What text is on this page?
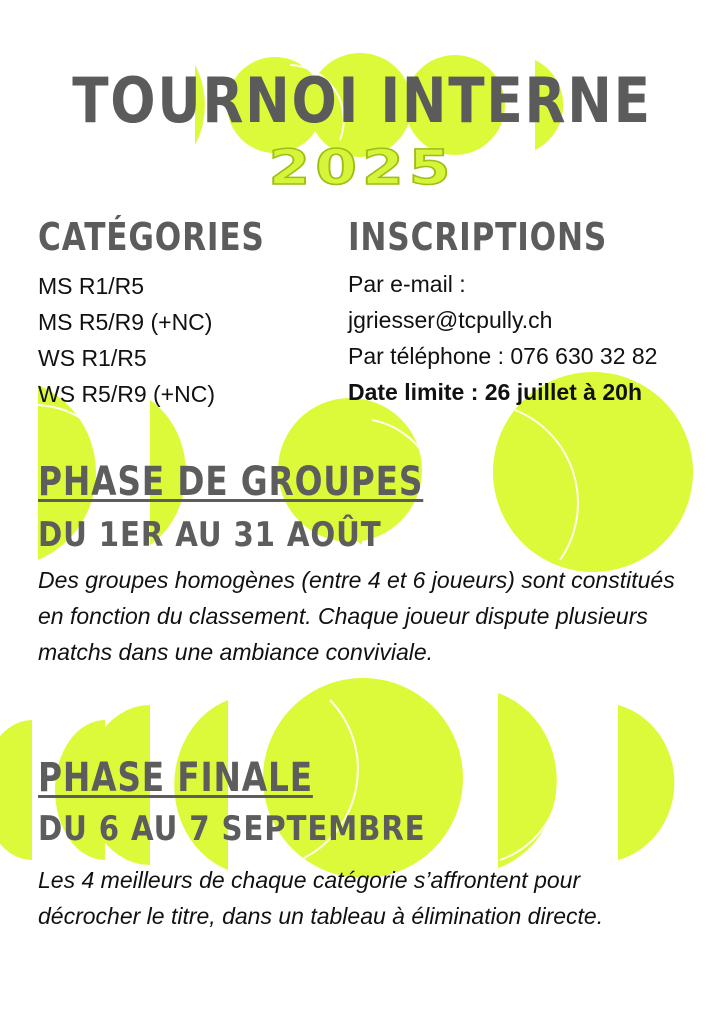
TOURNOI INTERNE
2025
CATÉGORIES
MS R1/R5
MS R5/R9 (+NC)
WS R1/R5
WS R5/R9 (+NC)
INSCRIPTIONS
Par e-mail :
jgriesser@tcpully.ch
Par téléphone : 076 630 32 82
Date limite : 26 juillet à 20h
PHASE DE GROUPES
DU 1ER AU 31 AOÛT
Des groupes homogènes (entre 4 et 6 joueurs) sont constitués en fonction du classement. Chaque joueur dispute plusieurs matchs dans une ambiance conviviale.
PHASE FINALE
DU 6 AU 7 SEPTEMBRE
Les 4 meilleurs de chaque catégorie s’affrontent pour décrocher le titre, dans un tableau à élimination directe.
